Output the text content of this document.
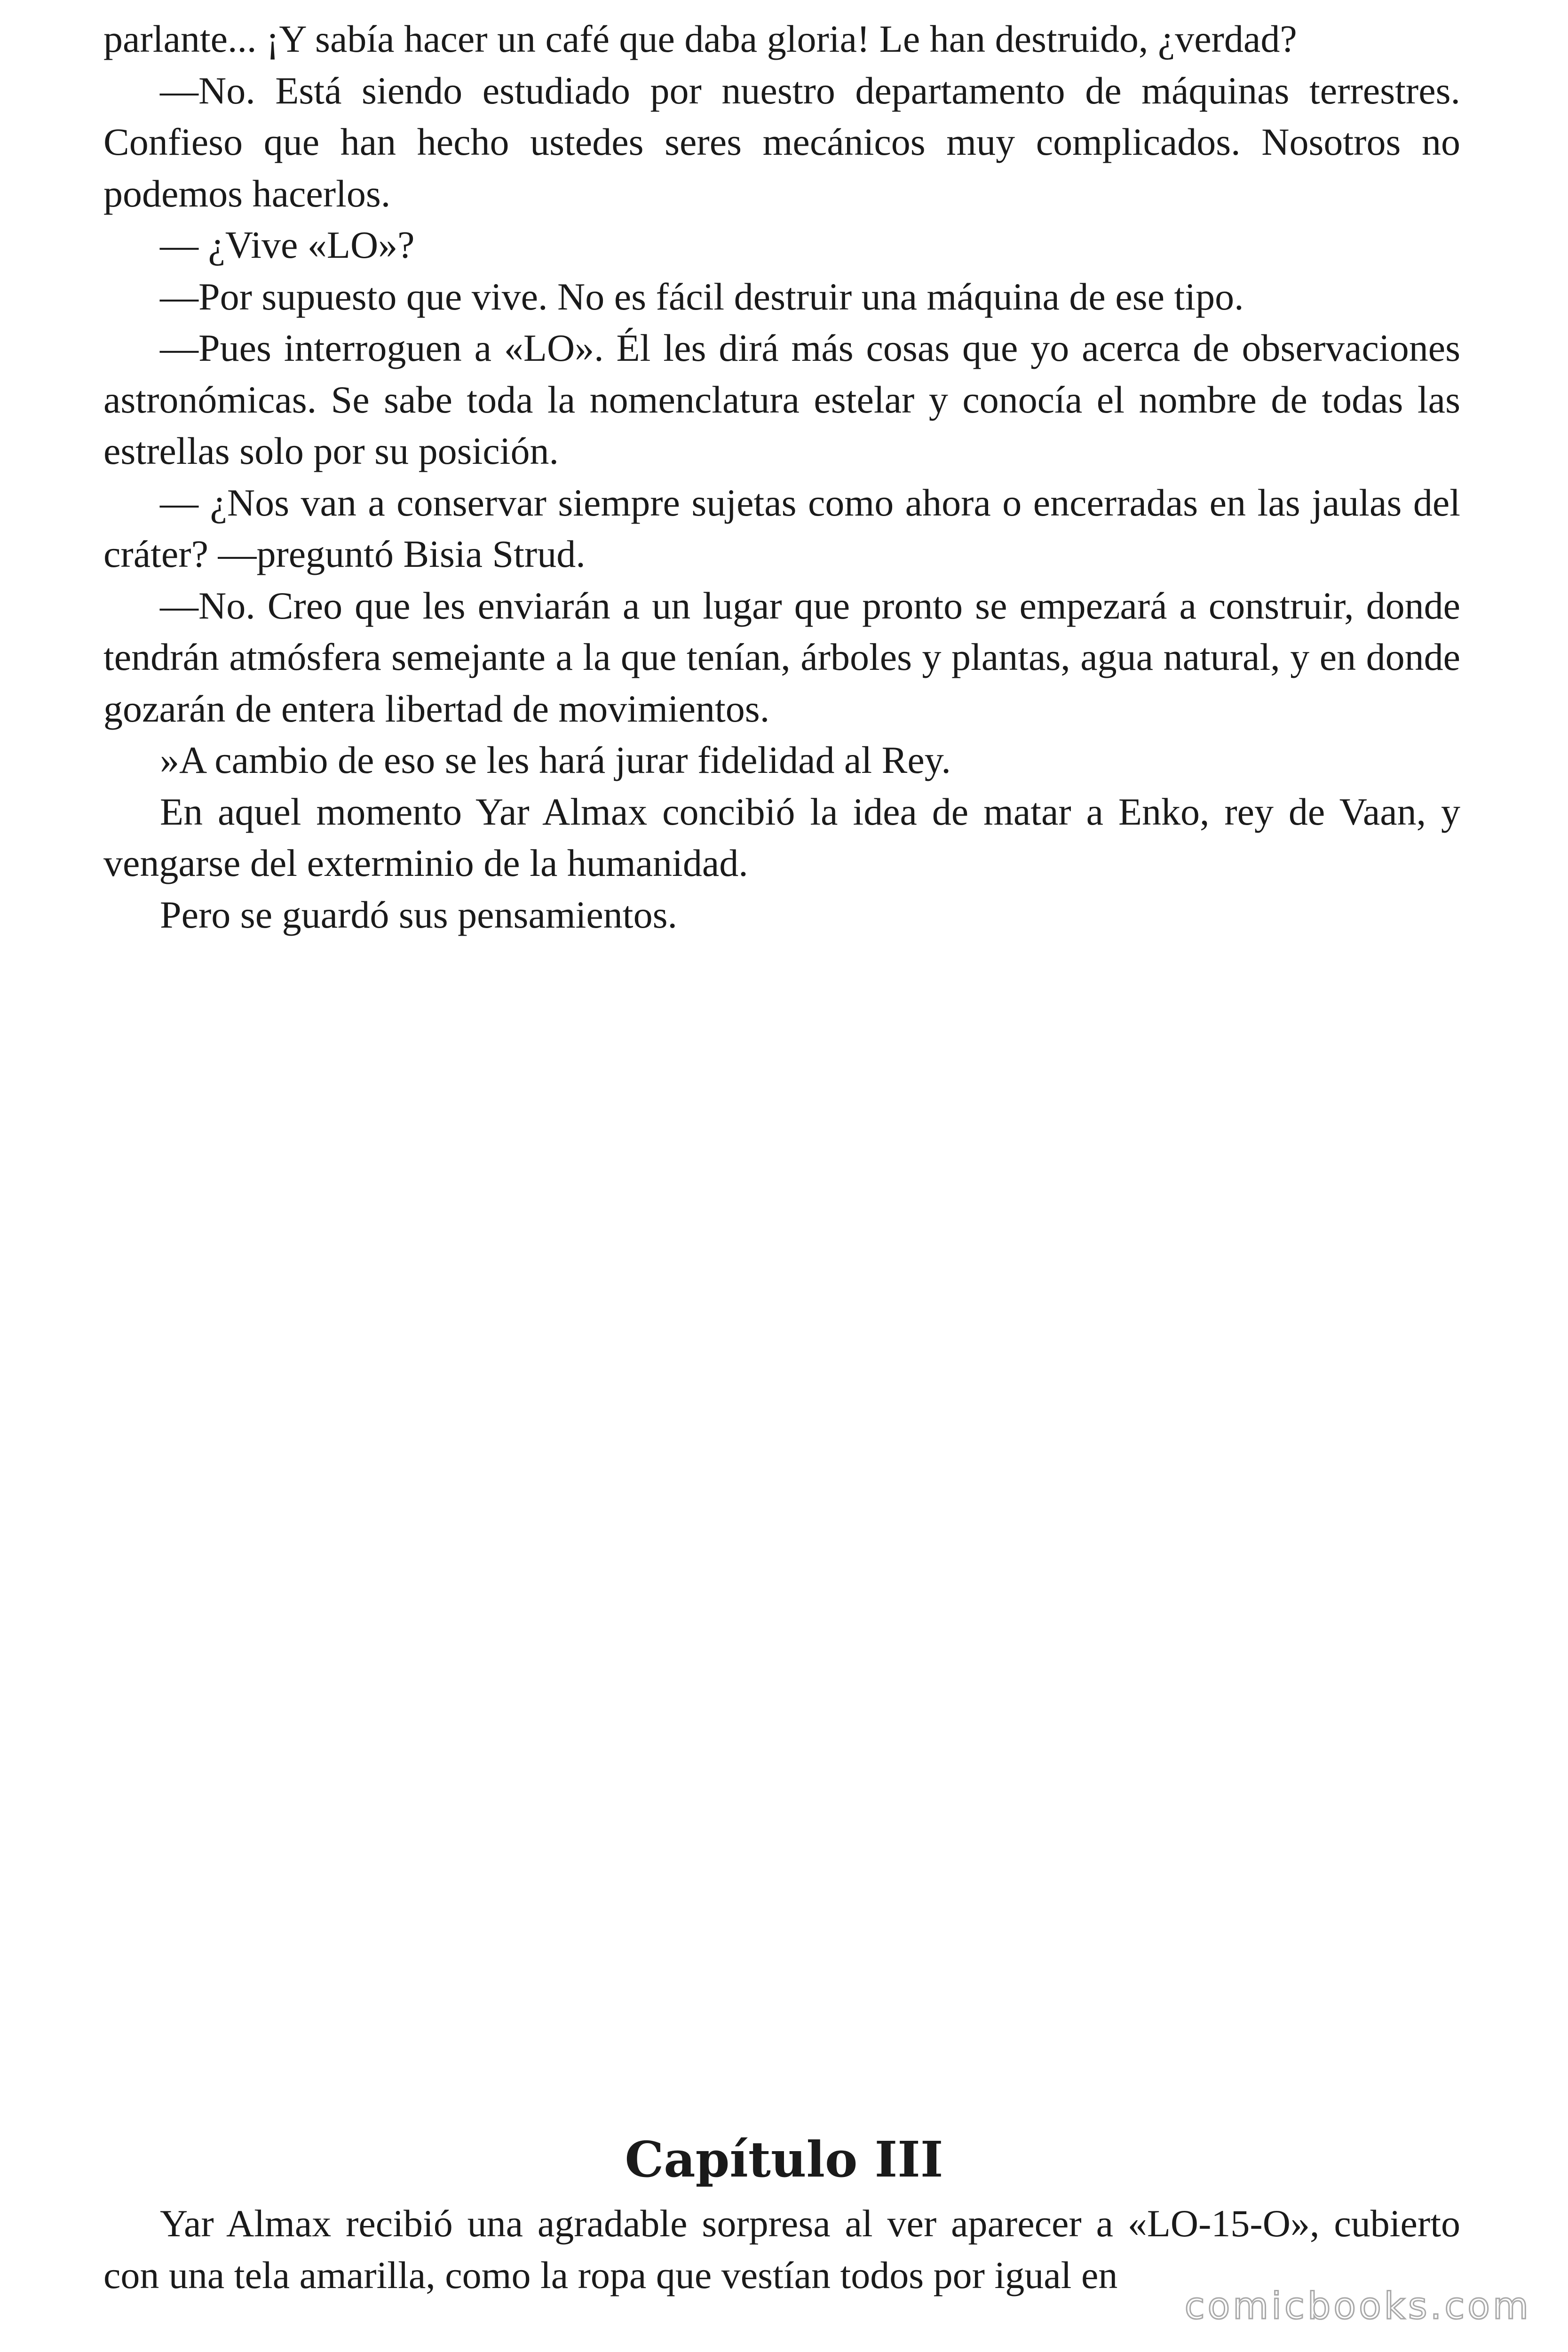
parlante... ¡Y sabía hacer un café que daba gloria! Le han destruido, ¿verdad?

—No. Está siendo estudiado por nuestro departamento de máquinas terrestres. Confieso que han hecho ustedes seres mecánicos muy complicados. Nosotros no podemos hacerlos.

— ¿Vive «LO»?

—Por supuesto que vive. No es fácil destruir una máquina de ese tipo.

—Pues interroguen a «LO». Él les dirá más cosas que yo acerca de observaciones astronómicas. Se sabe toda la nomenclatura estelar y conocía el nombre de todas las estrellas solo por su posición.

— ¿Nos van a conservar siempre sujetas como ahora o encerradas en las jaulas del cráter? —preguntó Bisia Strud.

—No. Creo que les enviarán a un lugar que pronto se empezará a construir, donde tendrán atmósfera semejante a la que tenían, árboles y plantas, agua natural, y en donde gozarán de entera libertad de movimientos.

»A cambio de eso se les hará jurar fidelidad al Rey.

En aquel momento Yar Almax concibió la idea de matar a Enko, rey de Vaan, y vengarse del exterminio de la humanidad.

Pero se guardó sus pensamientos.

Capítulo III

Yar Almax recibió una agradable sorpresa al ver aparecer a «LO-15-O», cubierto con una tela amarilla, como la ropa que vestían todos por igual en

comicbooks.com
